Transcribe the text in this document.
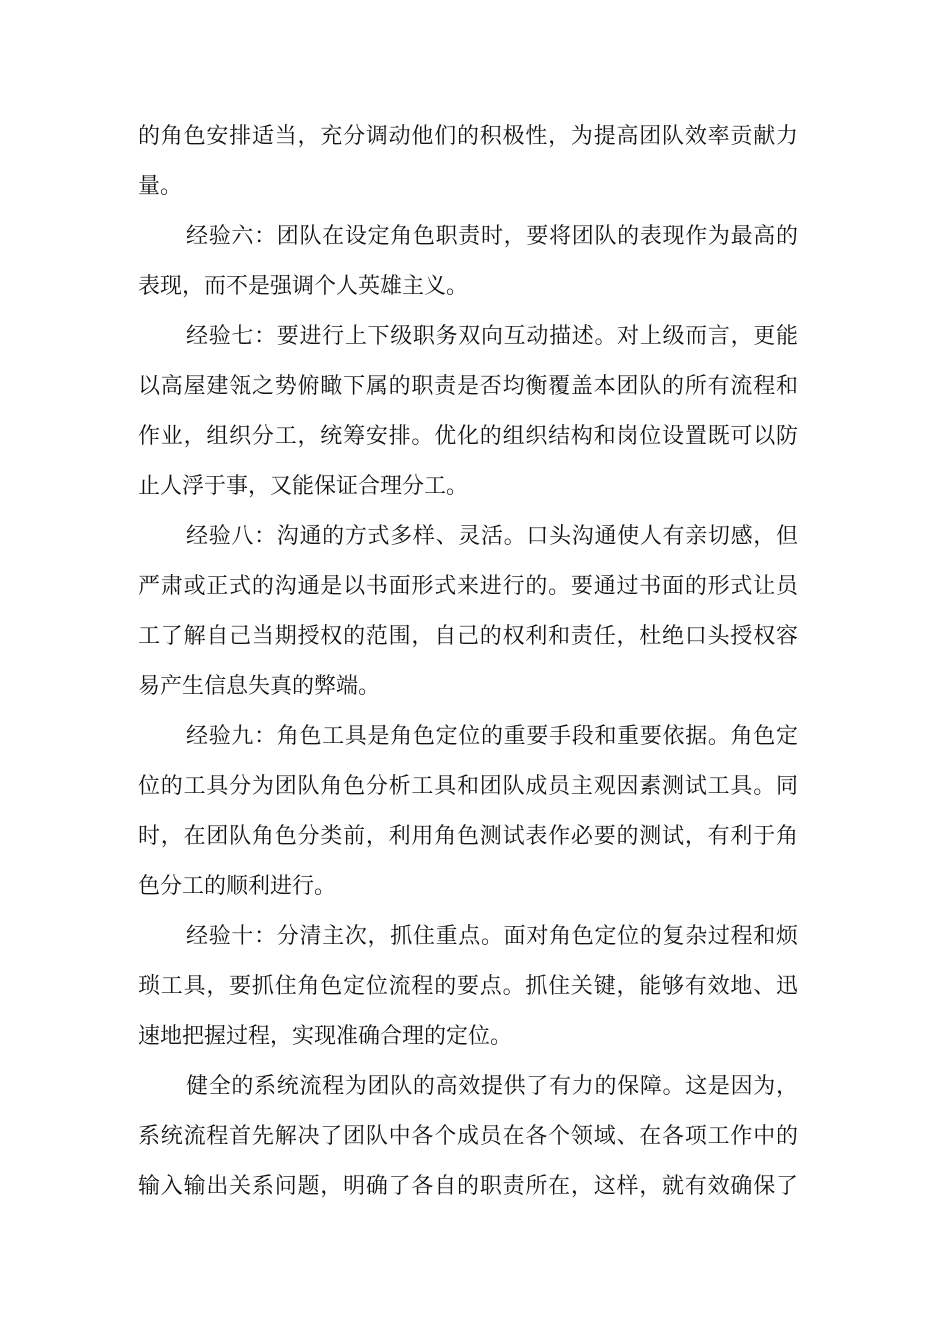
的角色安排适当，充分调动他们的积极性，为提高团队效率贡献力
量。
经验六：团队在设定角色职责时，要将团队的表现作为最高的
表现，而不是强调个人英雄主义。
经验七：要进行上下级职务双向互动描述。对上级而言，更能
以高屋建瓴之势俯瞰下属的职责是否均衡覆盖本团队的所有流程和
作业，组织分工，统筹安排。优化的组织结构和岗位设置既可以防
止人浮于事，又能保证合理分工。
经验八：沟通的方式多样、灵活。口头沟通使人有亲切感，但
严肃或正式的沟通是以书面形式来进行的。要通过书面的形式让员
工了解自己当期授权的范围，自己的权利和责任，杜绝口头授权容
易产生信息失真的弊端。
经验九：角色工具是角色定位的重要手段和重要依据。角色定
位的工具分为团队角色分析工具和团队成员主观因素测试工具。同
时，在团队角色分类前，利用角色测试表作必要的测试，有利于角
色分工的顺利进行。
经验十：分清主次，抓住重点。面对角色定位的复杂过程和烦
琐工具，要抓住角色定位流程的要点。抓住关键，能够有效地、迅
速地把握过程，实现准确合理的定位。
健全的系统流程为团队的高效提供了有力的保障。这是因为，
系统流程首先解决了团队中各个成员在各个领域、在各项工作中的
输入输出关系问题，明确了各自的职责所在，这样，就有效确保了
